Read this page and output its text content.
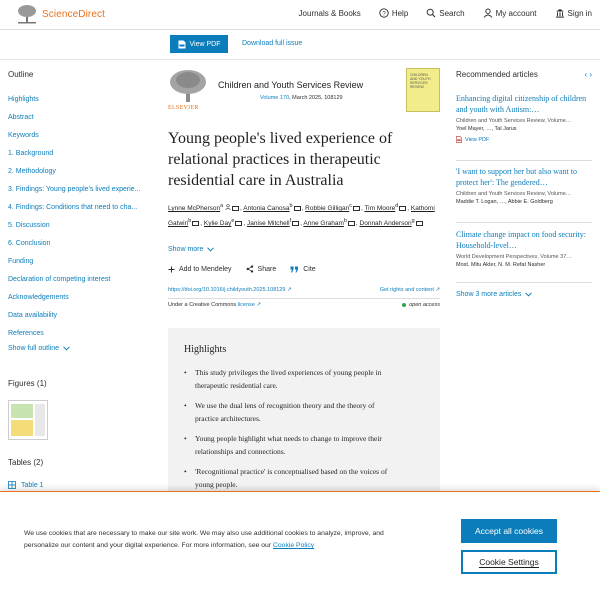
ScienceDirect	Journals & Books	? Help	Search	My account	Sign in
View PDF	Download full issue
Outline
Highlights
Abstract
Keywords
1. Background
2. Methodology
3. Findings: Young people's lived experie...
4. Findings: Conditions that need to cha...
5. Discussion
6. Conclusion
Funding
Declaration of competing interest
Acknowledgements
Data availability
References
Show full outline
Figures (1)
Tables (2)
Table 1
ELSEVIER
Children and Youth Services Review
Volume 170, March 2025, 108129
CHILDREN AND YOUTH SERVICES REVIEW
Young people's lived experience of relational practices in therapeutic residential care in Australia
Lynne McPherson$^a$	, Antonia Canosa$^b$ , Robbie Gilligan$^c$ , Tim Moore$^d$ , Kathomi Gatwiri$^b$ , Kylie Day$^e$ , Janise Mitchell$^f$ , Anne Graham$^b$ , Donnah Anderson$^g$
Show more
Add to Mendeley	Share	Cite
https://doi.org/10.1016/j.childyouth.2025.108129 ↗	Get rights and content ↗
Under a Creative Commons license ↗	open access
Highlights
• This study privileges the lived experiences of young people in therapeutic residential care.
• We use the dual lens of recognition theory and the theory of practice architectures.
• Young people highlight what needs to change to improve their relationships and connections.
• 'Recognitional practice' is conceptualised based on the voices of young people.
Recommended articles	‹ ›
Enhancing digital citizenship of children and youth with Autism:…
Children and Youth Services Review, Volume…
Yoel Mayer, …, Tal Jarus
View PDF
'I want to support her but also want to protect her': The gendered…
Children and Youth Services Review, Volume…
Maddie T. Logan, …, Abbie E. Goldberg
Climate change impact on food security: Household-level…
World Development Perspectives, Volume 37…
Most. Mitu Akter, N. M. Refat Nasher
Show 3 more articles
We use cookies that are necessary to make our site work. We may also use additional cookies to analyze, improve, and personalize our content and your digital experience. For more information, see our Cookie Policy
Accept all cookies
Cookie Settings
